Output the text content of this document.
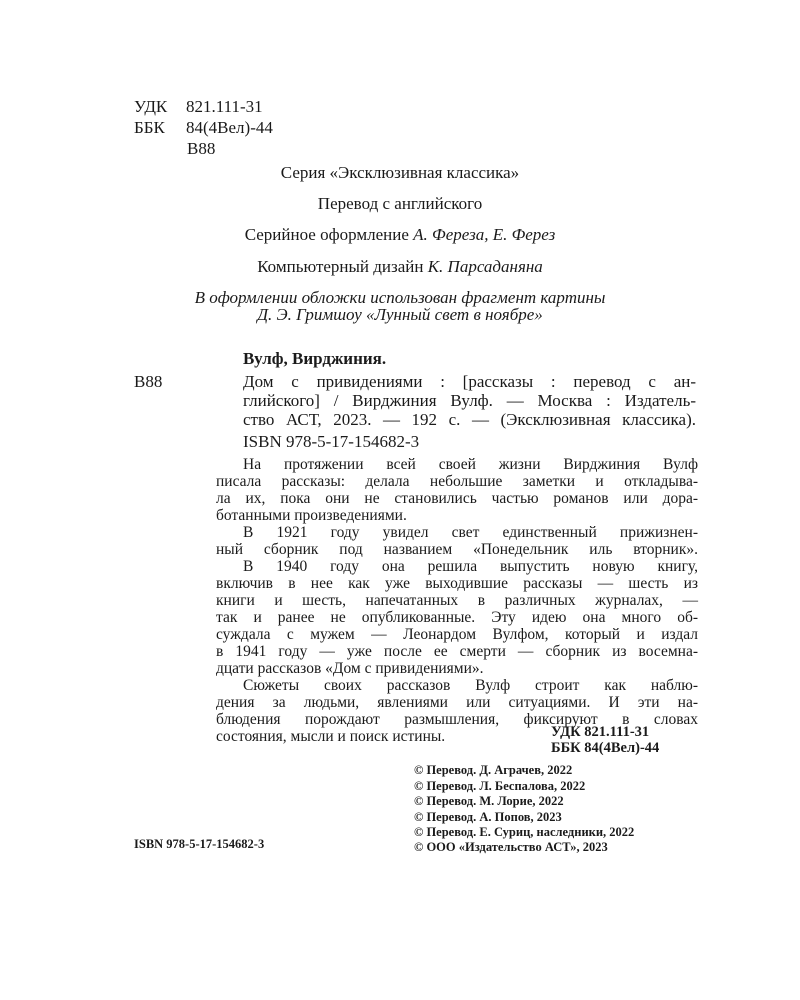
УДК 821.111-31
ББК 84(4Вел)-44
В88
Серия «Эксклюзивная классика»
Перевод с английского
Серийное оформление А. Фереза, Е. Ферез
Компьютерный дизайн К. Парсаданяна
В оформлении обложки использован фрагмент картины
Д. Э. Гримшоу «Лунный свет в ноябре»
Вулф, Вирджиния.
В88	Дом с привидениями : [рассказы : перевод с ан-
глийского] / Вирджиния Вулф. — Москва : Издатель-
ство АСТ, 2023. — 192 с. — (Эксклюзивная классика).
ISBN 978-5-17-154682-3
На протяжении всей своей жизни Вирджиния Вулф
писала рассказы: делала небольшие заметки и откладыва-
ла их, пока они не становились частью романов или дора-
ботанными произведениями.
В 1921 году увидел свет единственный прижизнен-
ный сборник под названием «Понедельник иль вторник».
В 1940 году она решила выпустить новую книгу,
включив в нее как уже выходившие рассказы — шесть из
книги и шесть, напечатанных в различных журналах, —
так и ранее не опубликованные. Эту идею она много об-
суждала с мужем — Леонардом Вулфом, который и издал
в 1941 году — уже после ее смерти — сборник из восемна-
дцати рассказов «Дом с привидениями».
Сюжеты своих рассказов Вулф строит как наблю-
дения за людьми, явлениями или ситуациями. И эти на-
блюдения порождают размышления, фиксируют в словах
состояния, мысли и поиск истины.	УДК 821.111-31
ББК 84(4Вел)-44
© Перевод. Д. Аграчев, 2022
© Перевод. Л. Беспалова, 2022
© Перевод. М. Лорие, 2022
© Перевод. А. Попов, 2023
© Перевод. Е. Суриц, наследники, 2022
© ООО «Издательство АСТ», 2023
ISBN 978-5-17-154682-3
